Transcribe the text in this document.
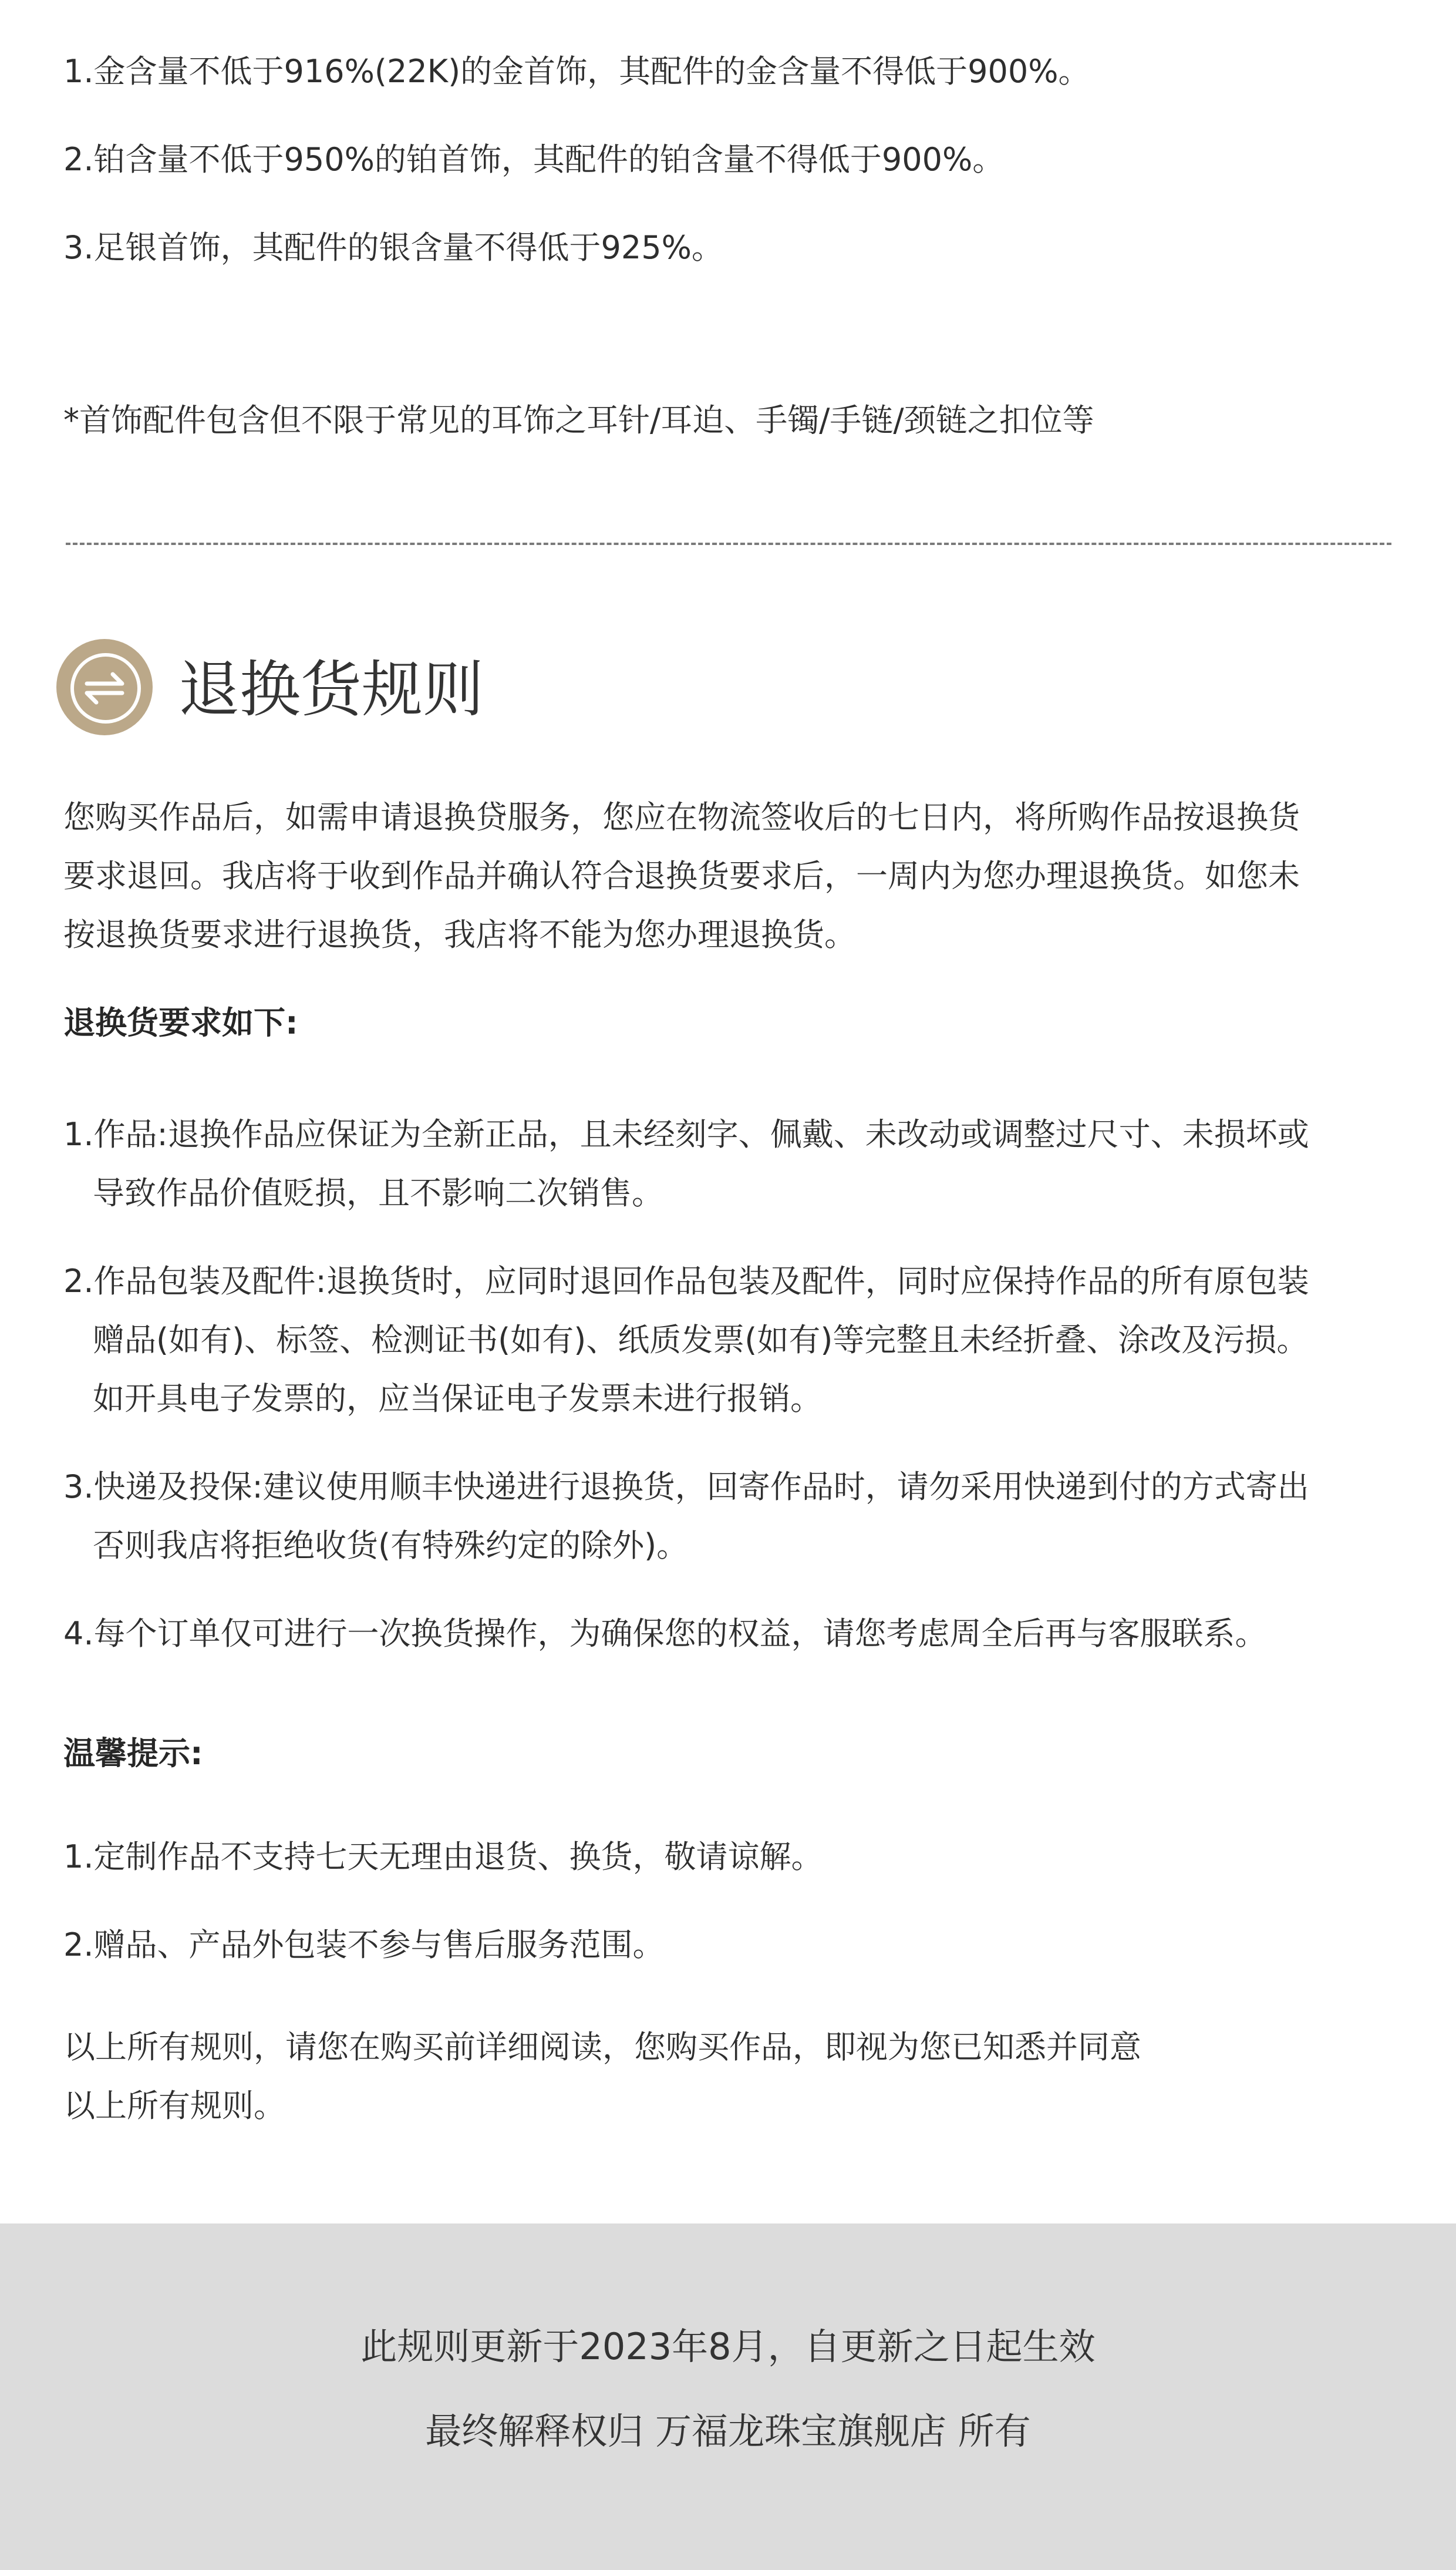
1.金含量不低于916%(22K)的金首饰，其配件的金含量不得低于900%。

2.铂含量不低于950%的铂首饰，其配件的铂含量不得低于900%。

3.足银首饰，其配件的银含量不得低于925%。

*首饰配件包含但不限于常见的耳饰之耳针/耳迫、手镯/手链/颈链之扣位等

退换货规则
您购买作品后，如需申请退换贷服务，您应在物流签收后的七日内，将所购作品按退换货
要求退回。我店将于收到作品并确认符合退换货要求后，一周内为您办理退换货。如您未
按退换货要求进行退换货，我店将不能为您办理退换货。

退换货要求如下:

1.作品:退换作品应保证为全新正品，且未经刻字、佩戴、未改动或调整过尺寸、未损坏或
导致作品价值贬损，且不影响二次销售。
2.作品包装及配件:退换货时，应同时退回作品包装及配件，同时应保持作品的所有原包装
赠品(如有)、标签、检测证书(如有)、纸质发票(如有)等完整且未经折叠、涂改及污损。
如开具电子发票的，应当保证电子发票未进行报销。
3.快递及投保:建议使用顺丰快递进行退换货，回寄作品时，请勿采用快递到付的方式寄出
否则我店将拒绝收货(有特殊约定的除外)。
4.每个订单仅可进行一次换货操作，为确保您的权益，请您考虑周全后再与客服联系。

温馨提示:

1.定制作品不支持七天无理由退货、换货，敬请谅解。

2.赠品、产品外包装不参与售后服务范围。

以上所有规则，请您在购买前详细阅读，您购买作品，即视为您已知悉并同意
以上所有规则。
此规则更新于2023年8月，自更新之日起生效
最终解释权归 万福龙珠宝旗舰店 所有
